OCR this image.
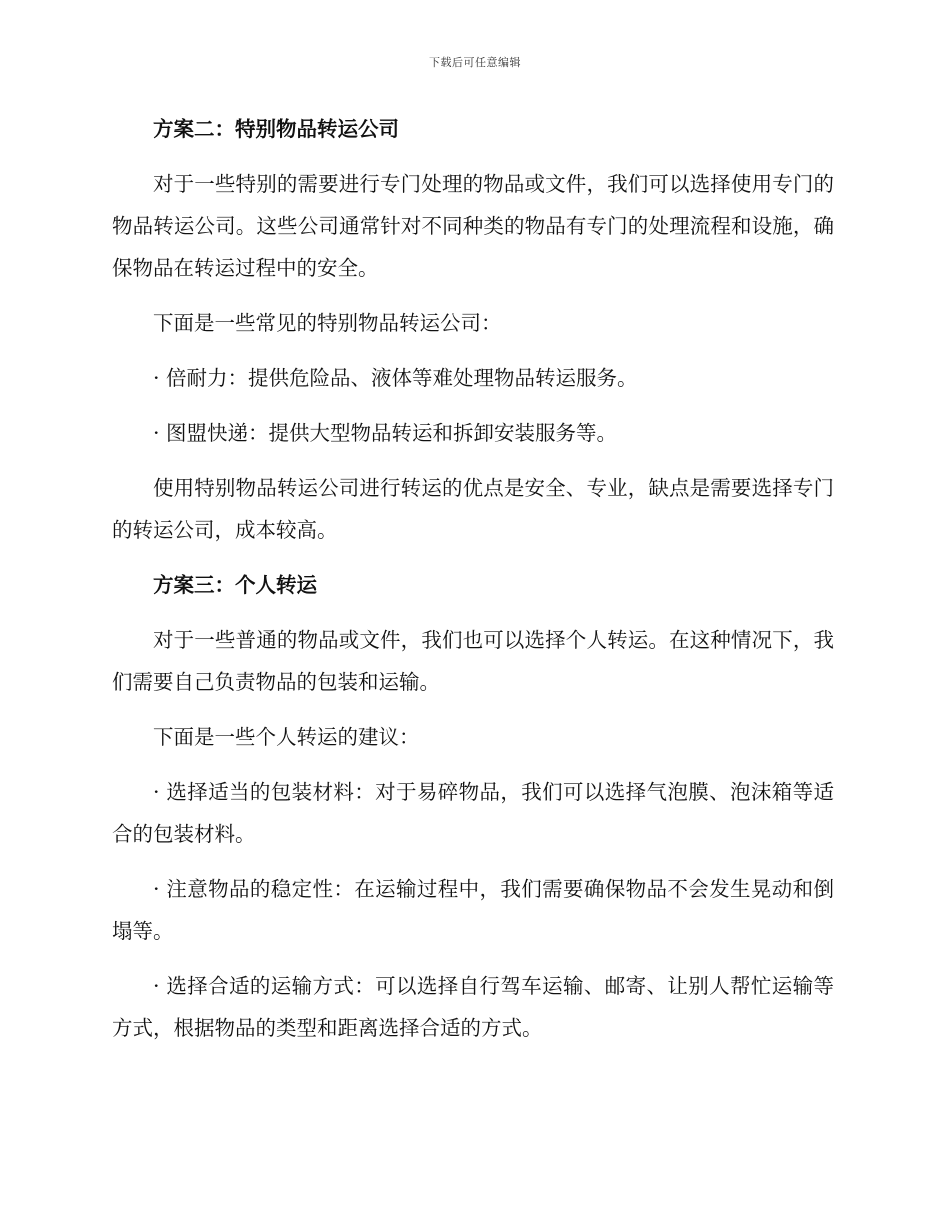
下载后可任意编辑

方案二：特别物品转运公司

对于一些特别的需要进行专门处理的物品或文件，我们可以选择使用专门的物品转运公司。这些公司通常针对不同种类的物品有专门的处理流程和设施，确保物品在转运过程中的安全。

下面是一些常见的特别物品转运公司：

· 倍耐力：提供危险品、液体等难处理物品转运服务。

· 图盟快递：提供大型物品转运和拆卸安装服务等。

使用特别物品转运公司进行转运的优点是安全、专业，缺点是需要选择专门的转运公司，成本较高。

方案三：个人转运

对于一些普通的物品或文件，我们也可以选择个人转运。在这种情况下，我们需要自己负责物品的包装和运输。

下面是一些个人转运的建议：

· 选择适当的包装材料：对于易碎物品，我们可以选择气泡膜、泡沫箱等适合的包装材料。

· 注意物品的稳定性：在运输过程中，我们需要确保物品不会发生晃动和倒塌等。

· 选择合适的运输方式：可以选择自行驾车运输、邮寄、让别人帮忙运输等方式，根据物品的类型和距离选择合适的方式。
